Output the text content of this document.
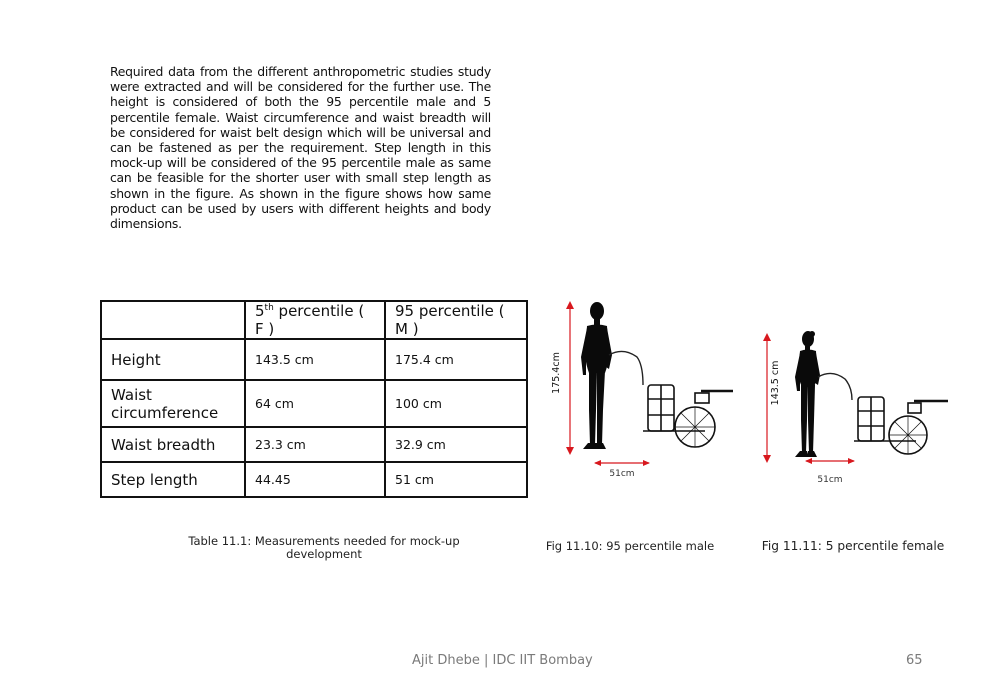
Required data from the different anthropometric studies study were extracted and will be considered for the further use. The height is considered of both the 95 percentile male and 5 percentile female. Waist circumference and waist breadth will be considered for waist belt design which will be universal and can be fastened as per the requirement. Step length in this mock-up will be considered of the 95 percentile male as same can be feasible for the shorter user with small step length as shown in the figure. As shown in the figure shows how same product can be used by users with different heights and body dimensions.

	5th percentile ( F )	95 percentile ( M )
Height	143.5 cm	175.4 cm
Waist circumference	64 cm	100 cm
Waist breadth	23.3 cm	32.9 cm
Step length	44.45	51 cm
Table 11.1: Measurements needed for mock-up development
175.4cm
51cm
143.5 cm
51cm
Fig 11.10: 95 percentile male	Fig 11.11: 5 percentile female
Ajit Dhebe | IDC IIT Bombay	65
